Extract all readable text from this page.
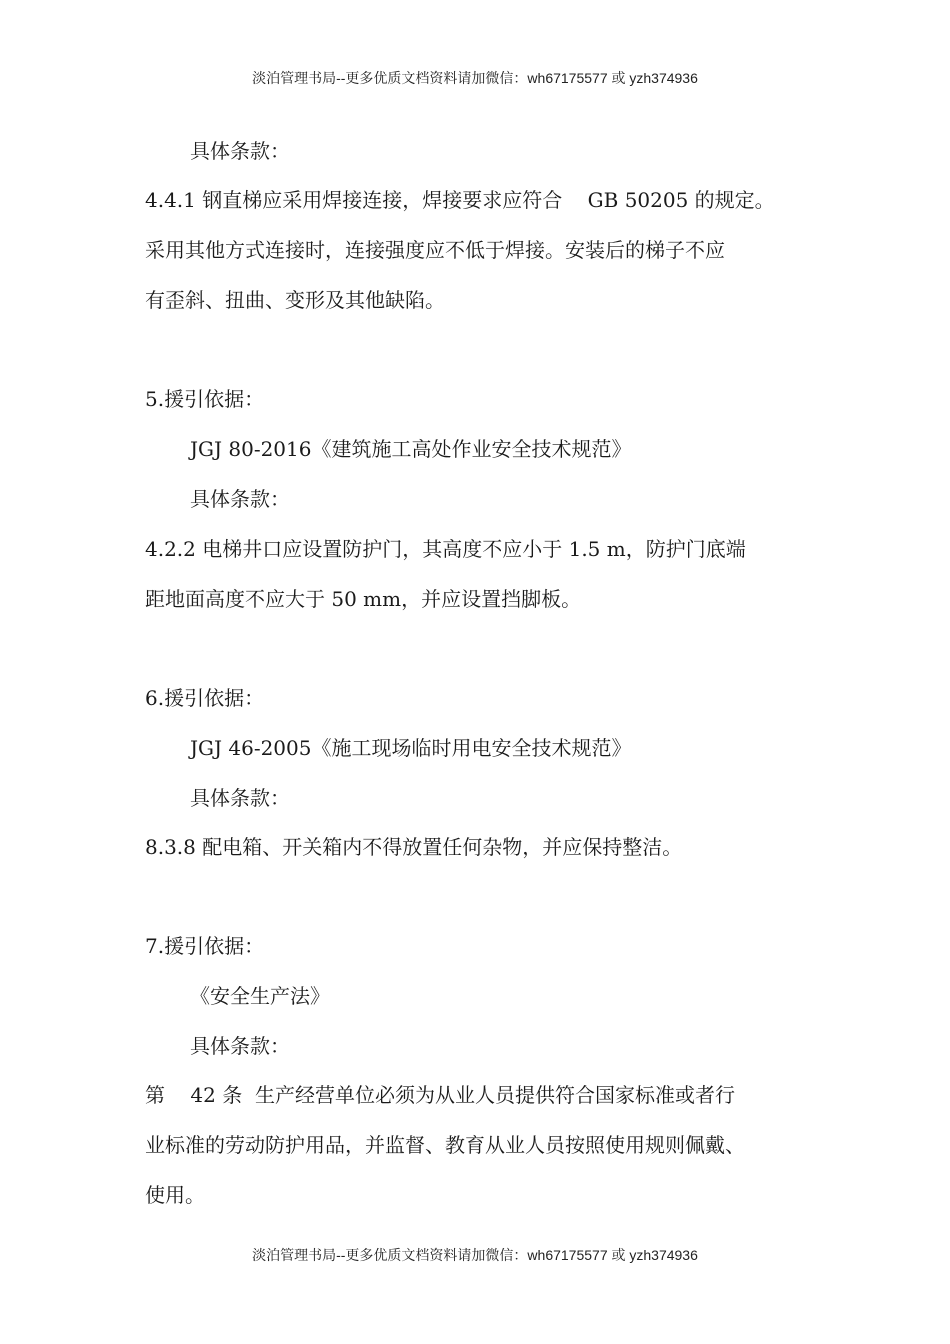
淡泊管理书局--更多优质文档资料请加微信：wh67175577 或 yzh374936
具体条款：
4.4.1 钢直梯应采用焊接连接，焊接要求应符合    GB 50205 的规定。
采用其他方式连接时，连接强度应不低于焊接。安装后的梯子不应
有歪斜、扭曲、变形及其他缺陷。
5.援引依据：
JGJ 80-2016《建筑施工高处作业安全技术规范》
具体条款：
4.2.2 电梯井口应设置防护门，其高度不应小于 1.5 m，防护门底端
距地面高度不应大于 50 mm，并应设置挡脚板。
6.援引依据：
JGJ 46-2005《施工现场临时用电安全技术规范》
具体条款：
8.3.8 配电箱、开关箱内不得放置任何杂物，并应保持整洁。
7.援引依据：
《安全生产法》
具体条款：
第    42 条  生产经营单位必须为从业人员提供符合国家标准或者行
业标准的劳动防护用品，并监督、教育从业人员按照使用规则佩戴、
使用。
淡泊管理书局--更多优质文档资料请加微信：wh67175577 或 yzh374936
